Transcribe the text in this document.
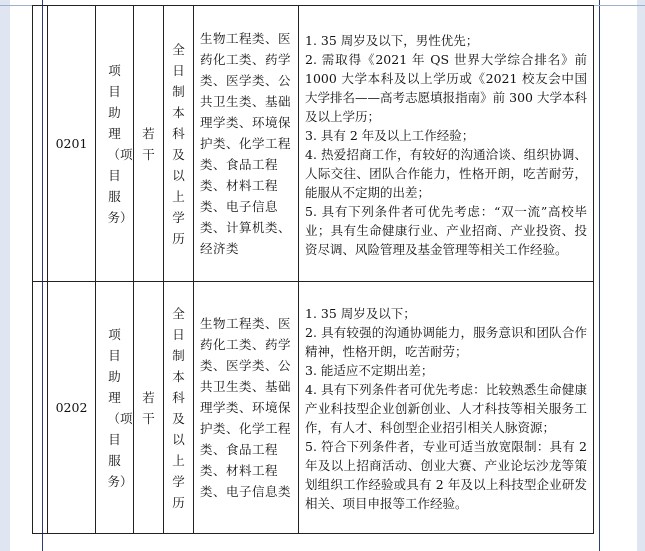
	0201	项目助理（项目服务）	若干	全日制本科及以上学历	生物工程类、医药化工类、药学类、医学类、公共卫生类、基础理学类、环境保护类、化学工程类、食品工程类、材料工程类、电子信息类、计算机类、经济类	1. 35 周岁及以下，男性优先；
2. 需取得《2021 年 QS 世界大学综合排名》前 1000 大学本科及以上学历或《2021 校友会中国大学排名——高考志愿填报指南》前 300 大学本科及以上学历；
3. 具有 2 年及以上工作经验；
4. 热爱招商工作，有较好的沟通洽谈、组织协调、人际交往、团队合作能力，性格开朗，吃苦耐劳，能服从不定期的出差；
5. 具有下列条件者可优先考虑：“双一流”高校毕业；具有生命健康行业、产业招商、产业投资、投资尽调、风险管理及基金管理等相关工作经验。

	0202	项目助理（项目服务）	若干	全日制本科及以上学历	生物工程类、医药化工类、药学类、医学类、公共卫生类、基础理学类、环境保护类、化学工程类、食品工程类、材料工程类、电子信息类	1. 35 周岁及以下；
2. 具有较强的沟通协调能力，服务意识和团队合作精神，性格开朗，吃苦耐劳；
3. 能适应不定期出差；
4. 具有下列条件者可优先考虑：比较熟悉生命健康产业科技型企业创新创业、人才科技等相关服务工作，有人才、科创型企业招引相关人脉资源；
5. 符合下列条件者，专业可适当放宽限制：具有 2 年及以上招商活动、创业大赛、产业论坛沙龙等策划组织工作经验或具有 2 年及以上科技型企业研发相关、项目申报等工作经验。
